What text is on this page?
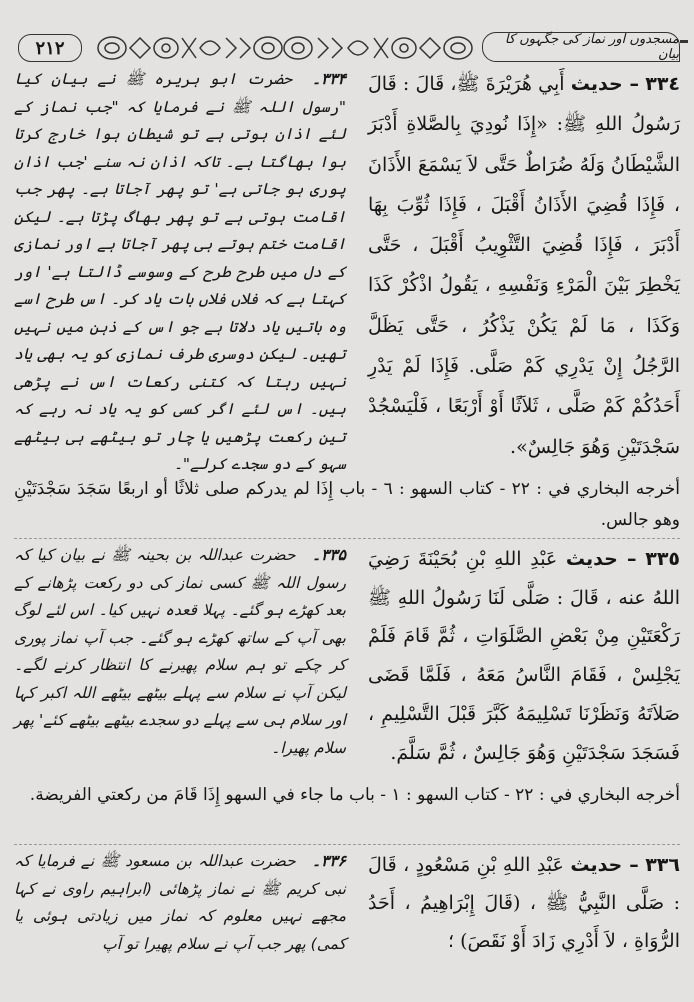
۲۱۲	مسجدوں اور نماز کی جگہوں کا بیان
٣٣٤ – حديث أَبِي هُرَيْرَةَ ﷺ، قَالَ : قَالَ رَسُولُ اللهِ ﷺ: «إِذَا نُودِيَ بِالصَّلاةِ أَدْبَرَ الشَّيْطَانُ وَلَهُ ضُرَاطٌ حَتَّى لاَ يَسْمَعَ الأَذَانَ ، فَإِذَا قُضِيَ الأَذَانُ أَقْبَلَ ، فَإِذَا ثُوِّبَ بِهَا أَدْبَرَ ، فَإِذَا قُضِيَ التَّثْوِيبُ أَقْبَلَ ، حَتَّى يَخْطِرَ بَيْنَ الْمَرْءِ وَنَفْسِهِ ، يَقُولُ اذْكُرْ كَذَا وَكَذَا ، مَا لَمْ يَكُنْ يَذْكُرُ ، حَتَّى يَظَلَّ الرَّجُلُ إِنْ يَدْرِي كَمْ صَلَّى. فَإِذَا لَمْ يَدْرِ أَحَدُكُمْ كَمْ صَلَّى ، ثَلاَثًا أَوْ أَرْبَعًا ، فَلْيَسْجُدْ سَجْدَتَيْنِ وَهُوَ جَالِسٌ».
۳۳۴۔ حضرت ابو ہریرہ ﷺ نے بیان کیا "رسول اللہ ﷺ نے فرمایا کہ "جب نماز کے لئے اذان ہوتی ہے تو شیطان ہوا خارج کرتا ہوا بھاگتا ہے۔ تاکہ اذان نہ سنے 'جب اذان پوری ہو جاتی ہے' تو پھر آجاتا ہے۔ پھر جب اقامت ہوتی ہے تو پھر بھاگ پڑتا ہے۔ لیکن اقامت ختم ہوتے ہی پھر آجاتا ہے اور نمازی کے دل میں طرح طرح کے وسوسے ڈالتا ہے' اور کہتا ہے کہ فلاں فلاں بات یاد کر۔ اس طرح اسے وہ باتیں یاد دلاتا ہے جو اس کے ذہن میں نہیں تھیں۔ لیکن دوسری طرف نمازی کو یہ بھی یاد نہیں رہتا کہ کتنی رکعات اس نے پڑھی ہیں۔ اس لئے اگر کسی کو یہ یاد نہ رہے کہ تین رکعت پڑھیں یا چار تو بیٹھے ہی بیٹھے سہو کے دو سجدے کرلے"۔
أخرجه البخاري في : ٢٢ - كتاب السهو : ٦ - باب إِذَا لم يدركم صلى ثلاثًا أو اربعًا سَجَدَ سَجْدَتَيْنِ وهو جالس.
٣٣٥ – حديث عَبْدِ اللهِ بْنِ بُحَيْنَةَ رَضِيَ اللهُ عنه ، قَالَ : صَلَّى لَنَا رَسُولُ اللهِ ﷺ رَكْعَتَيْنِ مِنْ بَعْضِ الصَّلَوَاتِ ، ثُمَّ قَامَ فَلَمْ يَجْلِسْ ، فَقَامَ النَّاسُ مَعَهُ ، فَلَمَّا قَضَى صَلاَتَهُ وَنَظَرْنَا تَسْلِيمَهُ كَبَّرَ قَبْلَ التَّسْلِيمِ ، فَسَجَدَ سَجْدَتَيْنِ وَهُوَ جَالِسٌ ، ثُمَّ سَلَّمَ.
۳۳۵۔ حضرت عبداللہ بن بحینہ ﷺ نے بیان کیا کہ رسول اللہ ﷺ کسی نماز کی دو رکعت پڑھانے کے بعد کھڑے ہو گئے۔ پہلا قعدہ نہیں کیا۔ اس لئے لوگ بھی آپ کے ساتھ کھڑے ہو گئے۔ جب آپ نماز پوری کر چکے تو ہم سلام پھیرنے کا انتظار کرنے لگے۔ لیکن آپ نے سلام سے پہلے بیٹھے بیٹھے اللہ اکبر کہا اور سلام ہی سے پہلے دو سجدے بیٹھے بیٹھے کئے' پھر سلام پھیرا۔
أخرجه البخاري في : ٢٢ - كتاب السهو : ١ - باب ما جاء في السهو إِذَا قَامَ من ركعتي الفريضة.
٣٣٦ – حديث عَبْدِ اللهِ بْنِ مَسْعُودٍ ، قَالَ : صَلَّى النَّبِيُّ ﷺ ، (قَالَ إِبْرَاهِيمُ ، أَحَدُ الرُّوَاةِ ، لاَ أَدْرِي زَادَ أَوْ نَقَصَ) ؛
۳۳۶۔ حضرت عبداللہ بن مسعود ﷺ نے فرمایا کہ نبی کریم ﷺ نے نماز پڑھائی (ابراہیم راوی نے کہا مجھے نہیں معلوم کہ نماز میں زیادتی ہوئی یا کمی) پھر جب آپ نے سلام پھیرا تو آپ
